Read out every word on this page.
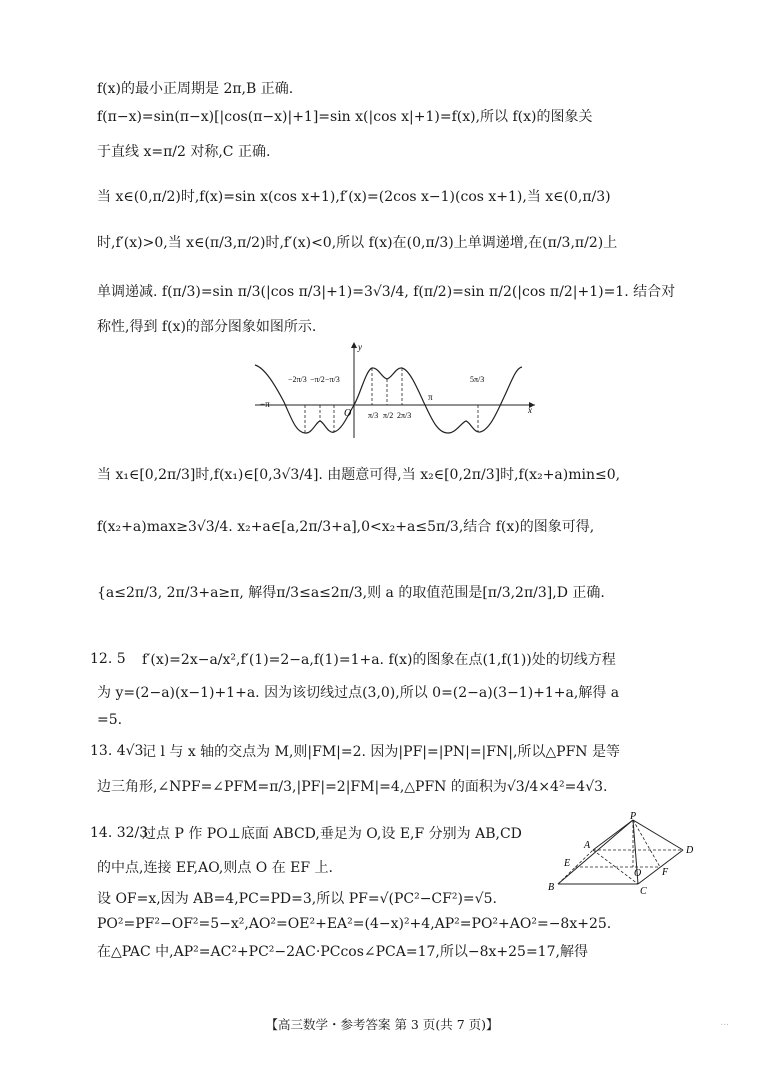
f(x)的最小正周期是 2π,B 正确.
f(π−x)=sin(π−x)[|cos(π−x)|+1]=sin x(|cos x|+1)=f(x),所以 f(x)的图象关
于直线 x=π/2 对称,C 正确.
当 x∈(0,π/2)时,f(x)=sin x(cos x+1),f′(x)=(2cos x−1)(cos x+1),当 x∈(0,π/3)
时,f′(x)>0,当 x∈(π/3,π/2)时,f′(x)<0,所以 f(x)在(0,π/3)上单调递增,在(π/3,π/2)上
单调递减. f(π/3)=sin π/3(|cos π/3|+1)=3√3/4, f(π/2)=sin π/2(|cos π/2|+1)=1. 结合对
称性,得到 f(x)的部分图象如图所示.
y
x
O
−π
π
−2π/3 −π/2 −π/3
π/3 π/2 2π/3
5π/3
当 x₁∈[0,2π/3]时,f(x₁)∈[0,3√3/4]. 由题意可得,当 x₂∈[0,2π/3]时,f(x₂+a)min≤0,
f(x₂+a)max≥3√3/4. x₂+a∈[a,2π/3+a],0<x₂+a≤5π/3,结合 f(x)的图象可得,
{a≤2π/3, 2π/3+a≥π, 解得π/3≤a≤2π/3,则 a 的取值范围是[π/3,2π/3],D 正确.
12. 5 f′(x)=2x−a/x²,f′(1)=2−a,f(1)=1+a. f(x)的图象在点(1,f(1))处的切线方程
为 y=(2−a)(x−1)+1+a. 因为该切线过点(3,0),所以 0=(2−a)(3−1)+1+a,解得 a
=5.
13. 4√3
记 l 与 x 轴的交点为 M,则|FM|=2. 因为|PF|=|PN|=|FN|,所以△PFN 是等
边三角形,∠NPF=∠PFM=π/3,|PF|=2|FM|=4,△PFN 的面积为√3/4×4²=4√3.
14. 32/3
过点 P 作 PO⊥底面 ABCD,垂足为 O,设 E,F 分别为 AB,CD
的中点,连接 EF,AO,则点 O 在 EF 上.
设 OF=x,因为 AB=4,PC=PD=3,所以 PF=√(PC²−CF²)=√5.
PO²=PF²−OF²=5−x²,AO²=OE²+EA²=(4−x)²+4,AP²=PO²+AO²=−8x+25.
在△PAC 中,AP²=AC²+PC²−2AC·PCcos∠PCA=17,所以−8x+25=17,解得
P
A	D
E
F
O
B	C
【高三数学・参考答案 第 3 页(共 7 页)】	...
